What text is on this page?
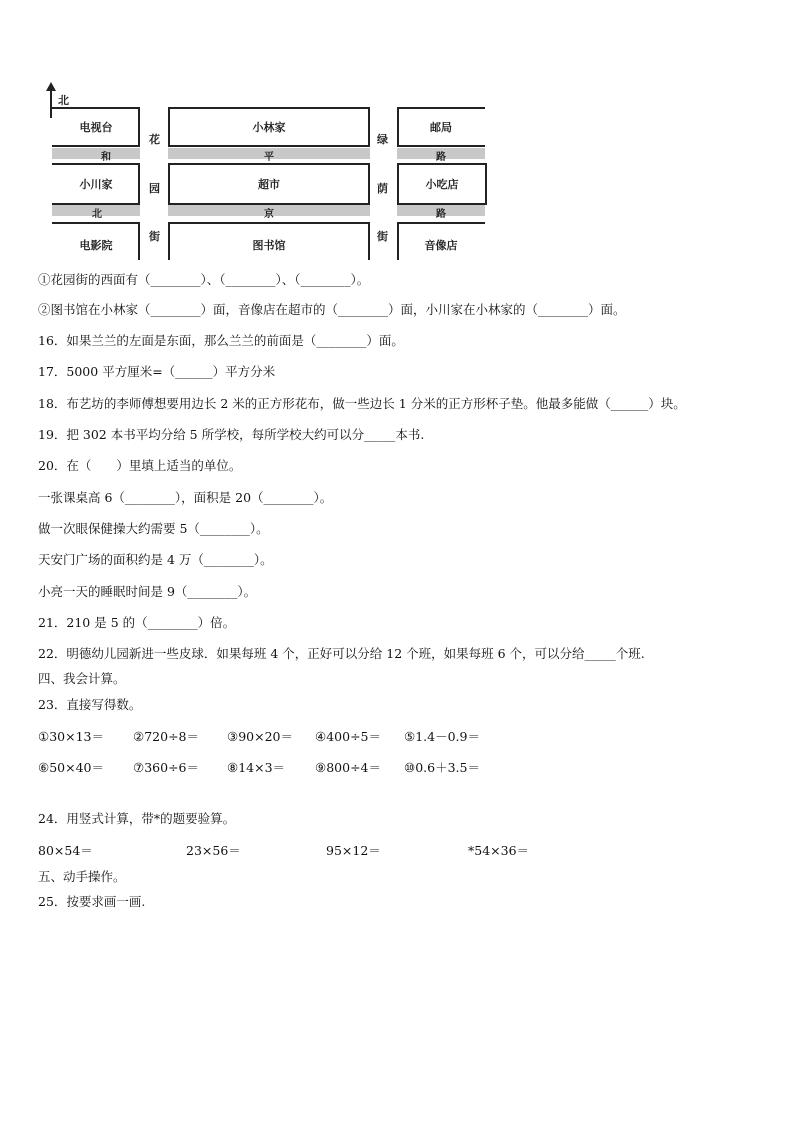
北
电视台	小林家	邮局
和	平	路
小川家	超市	小吃店
北	京	路
电影院	图书馆	音像店
花
园
街
绿
荫
街
①花园街的西面有（________）、（________）、（________）。
②图书馆在小林家（________）面，音像店在超市的（________）面，小川家在小林家的（________）面。
16．如果兰兰的左面是东面，那么兰兰的前面是（________）面。
17．5000 平方厘米=（______）平方分米
18．布艺坊的李师傅想要用边长 2 米的正方形花布，做一些边长 1 分米的正方形杯子垫。他最多能做（______）块。
19．把 302 本书平均分给 5 所学校，每所学校大约可以分_____本书.
20．在（　　）里填上适当的单位。
一张课桌高 6（________），面积是 20（________）。
做一次眼保健操大约需要 5（________）。
天安门广场的面积约是 4 万（________）。
小亮一天的睡眠时间是 9（________）。
21．210 是 5 的（________）倍。
22．明德幼儿园新进一些皮球．如果每班 4 个，正好可以分给 12 个班，如果每班 6 个，可以分给_____个班.
四、我会计算。
23．直接写得数。
①30×13＝ ②720÷8＝ ③90×20＝ ④400÷5＝ ⑤1.4－0.9＝
⑥50×40＝ ⑦360÷6＝ ⑧14×3＝ ⑨800÷4＝ ⑩0.6＋3.5＝
24．用竖式计算，带*的题要验算。
80×54＝	23×56＝	95×12＝	*54×36＝
五、动手操作。
25．按要求画一画.
